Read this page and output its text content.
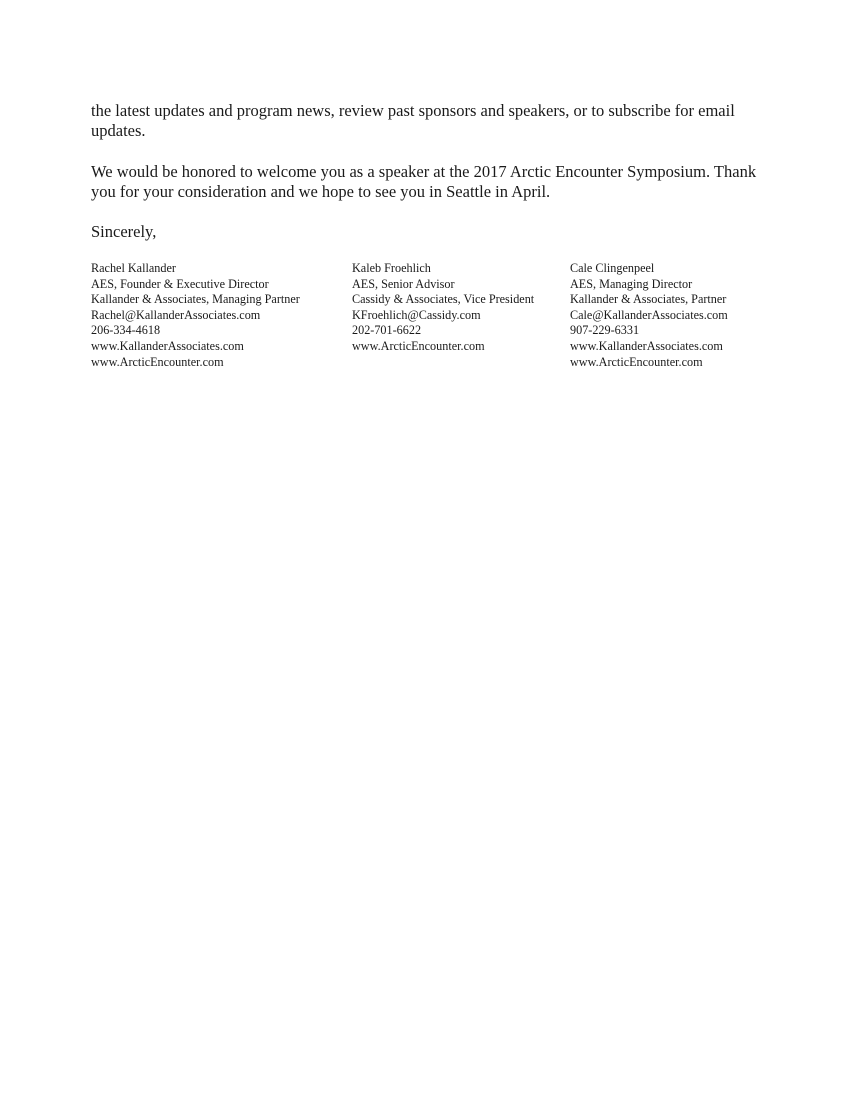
the latest updates and program news, review past sponsors and speakers, or to subscribe for email updates.

We would be honored to welcome you as a speaker at the 2017 Arctic Encounter Symposium. Thank you for your consideration and we hope to see you in Seattle in April.

Sincerely,

Rachel Kallander
AES, Founder & Executive Director
Kallander & Associates, Managing Partner
Rachel@KallanderAssociates.com
206-334-4618
www.KallanderAssociates.com
www.ArcticEncounter.com
Kaleb Froehlich
AES, Senior Advisor
Cassidy & Associates, Vice President
KFroehlich@Cassidy.com
202-701-6622
www.ArcticEncounter.com
Cale Clingenpeel
AES, Managing Director
Kallander & Associates, Partner
Cale@KallanderAssociates.com
907-229-6331
www.KallanderAssociates.com
www.ArcticEncounter.com
